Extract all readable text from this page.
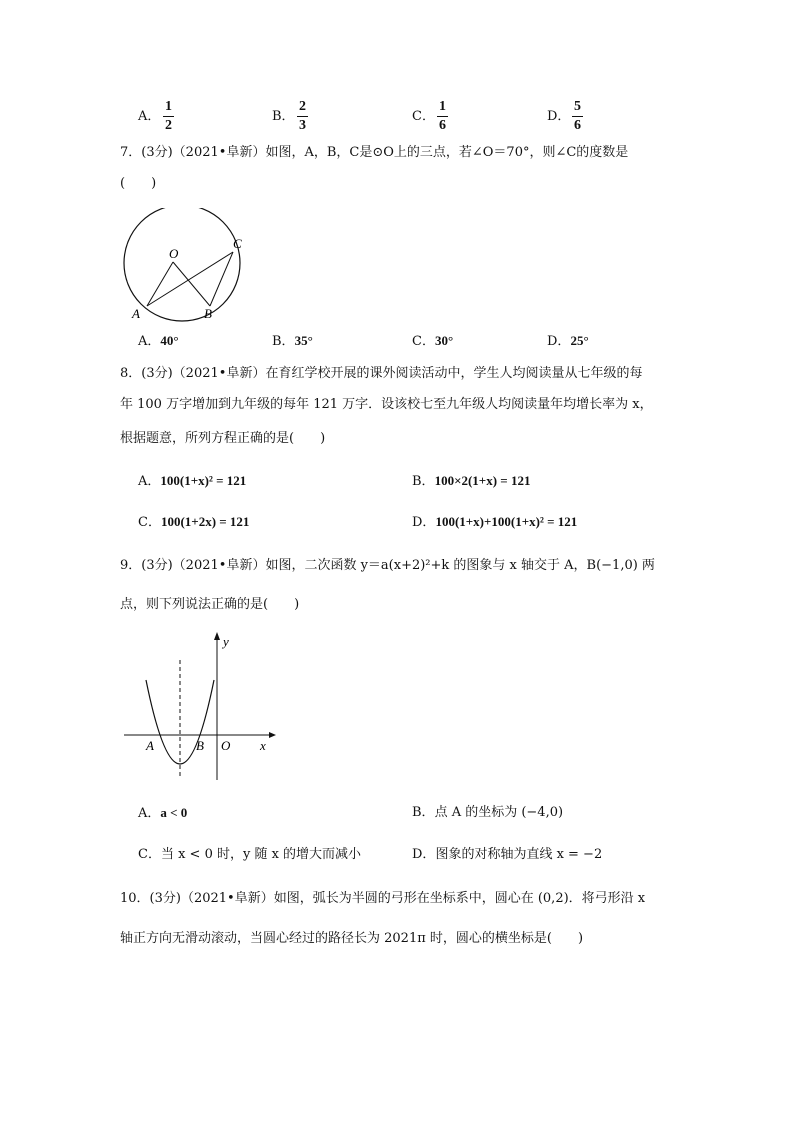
A． $\frac{1}{2}$	B． $\frac{2}{3}$	C． $\frac{1}{6}$	D． $\frac{5}{6}$
7．(3分)（2021•阜新）如图，A，B，C是⊙O上的三点，若∠O＝70°，则∠C的度数是
(　　)
O
C
A	B
A．40°	B．35°	C．30°	D．25°
8．(3分)（2021•阜新）在育红学校开展的课外阅读活动中，学生人均阅读量从七年级的每
年 100 万字增加到九年级的每年 121 万字．设该校七至九年级人均阅读量年均增长率为 x，
根据题意，所列方程正确的是(　　)
A．100(1+x)² = 121	B．100×2(1+x) = 121
C．100(1+2x) = 121	D．100(1+x)+100(1+x)² = 121
9．(3分)（2021•阜新）如图，二次函数 y＝a(x+2)²+k 的图象与 x 轴交于 A，B(−1,0) 两
点，则下列说法正确的是(　　)
y
x
A	B O
A．a < 0	B．点 A 的坐标为 (−4,0)
C．当 x < 0 时，y 随 x 的增大而减小	D．图象的对称轴为直线 x = −2
10．(3分)（2021•阜新）如图，弧长为半圆的弓形在坐标系中，圆心在 (0,2)．将弓形沿 x
轴正方向无滑动滚动，当圆心经过的路径长为 2021π 时，圆心的横坐标是(　　)
